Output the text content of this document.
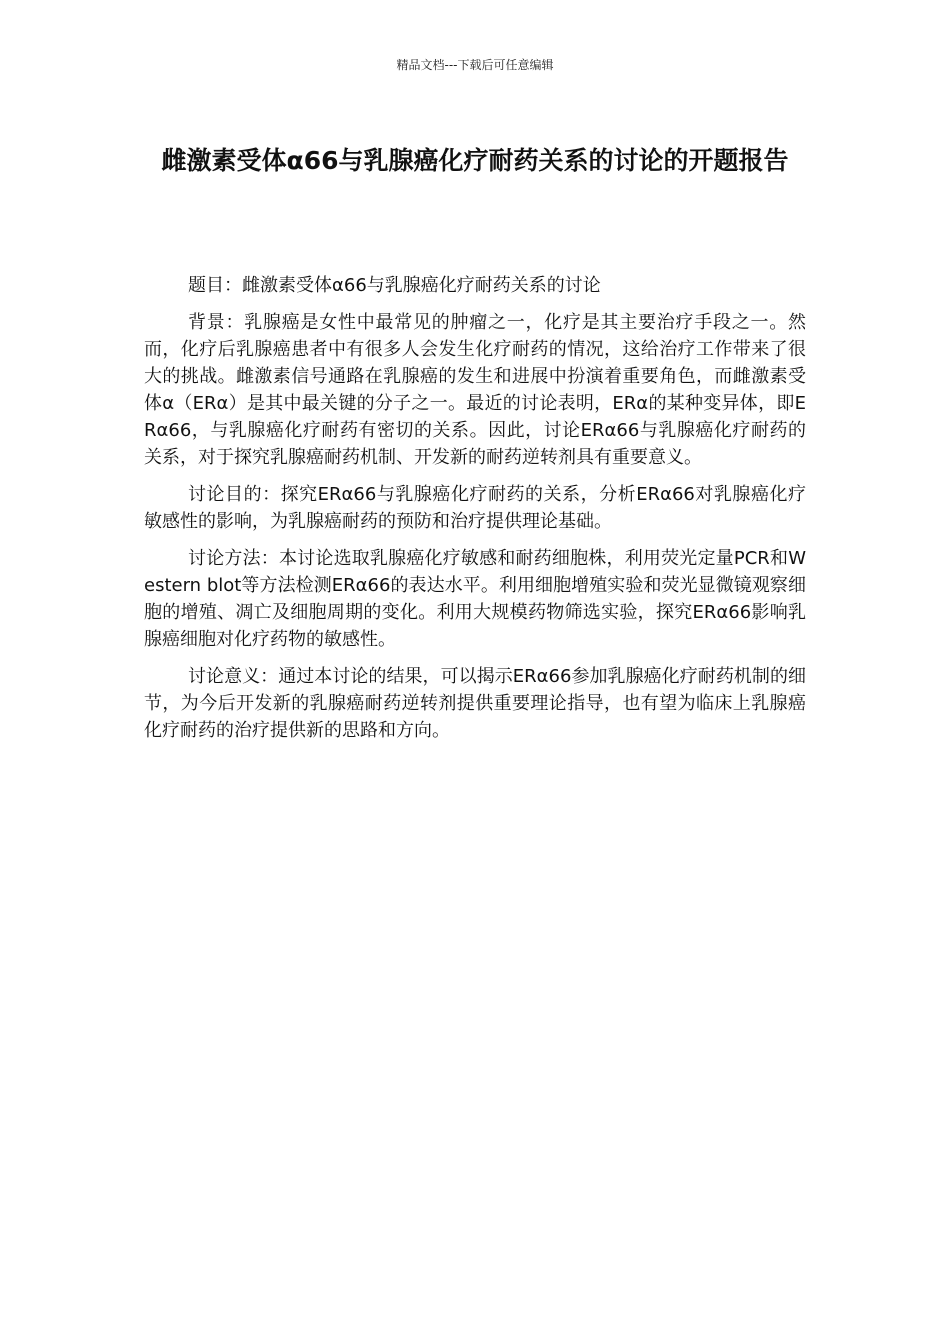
精品文档---下载后可任意编辑
雌激素受体α66与乳腺癌化疗耐药关系的讨论的开题报告

题目：雌激素受体α66与乳腺癌化疗耐药关系的讨论

背景：乳腺癌是女性中最常见的肿瘤之一，化疗是其主要治疗手段之一。然而，化疗后乳腺癌患者中有很多人会发生化疗耐药的情况，这给治疗工作带来了很大的挑战。雌激素信号通路在乳腺癌的发生和进展中扮演着重要角色，而雌激素受体α（ERα）是其中最关键的分子之一。最近的讨论表明，ERα的某种变异体，即ERα66，与乳腺癌化疗耐药有密切的关系。因此，讨论ERα66与乳腺癌化疗耐药的关系，对于探究乳腺癌耐药机制、开发新的耐药逆转剂具有重要意义。

讨论目的：探究ERα66与乳腺癌化疗耐药的关系，分析ERα66对乳腺癌化疗敏感性的影响，为乳腺癌耐药的预防和治疗提供理论基础。

讨论方法：本讨论选取乳腺癌化疗敏感和耐药细胞株，利用荧光定量PCR和Western blot等方法检测ERα66的表达水平。利用细胞增殖实验和荧光显微镜观察细胞的增殖、凋亡及细胞周期的变化。利用大规模药物筛选实验，探究ERα66影响乳腺癌细胞对化疗药物的敏感性。

讨论意义：通过本讨论的结果，可以揭示ERα66参加乳腺癌化疗耐药机制的细节，为今后开发新的乳腺癌耐药逆转剂提供重要理论指导，也有望为临床上乳腺癌化疗耐药的治疗提供新的思路和方向。
